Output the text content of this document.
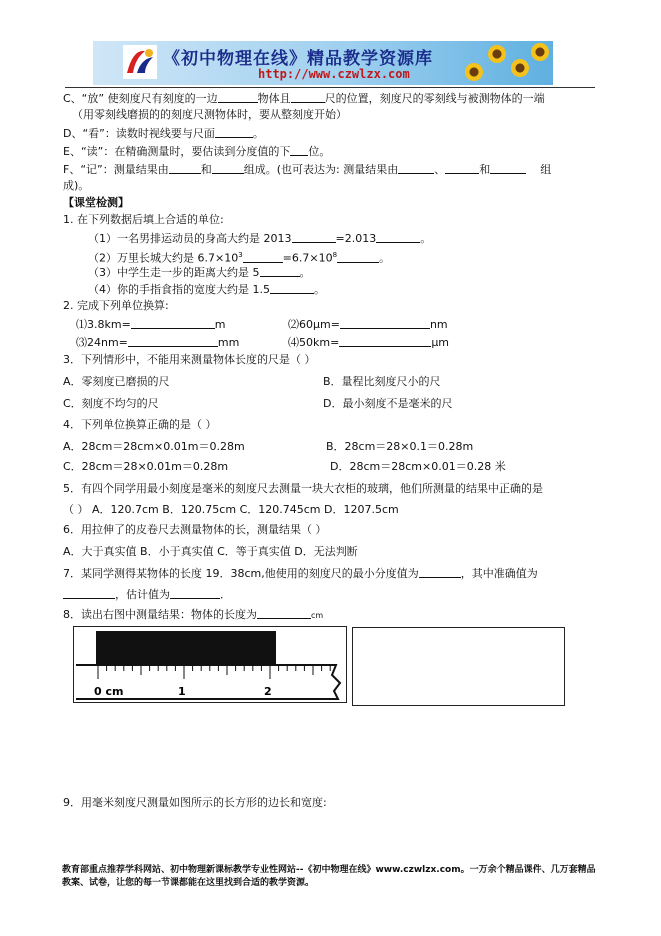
《初中物理在线》精品教学资源库
http://www.czwlzx.com
C、“放” 使刻度尺有刻度的一边	物体且	尺的位置，刻度尺的零刻线与被测物体的一端
（用零刻线磨损的的刻度尺测物体时，要从整刻度开始）
D、“看”：读数时视线要与尺面	。
E、“读”：在精确测量时，要估读到分度值的下 位。
F、“记”：测量结果由	和	组成。(也可表达为: 测量结果由	、	和	组
成)。
【课堂检测】
1. 在下列数据后填上合适的单位:
（1）一名男排运动员的身高大约是 2013	=2.013	。
（2）万里长城大约是 $6.7\times 10^3$	$=6.7\times 10^8$	。
（3）中学生走一步的距离大约是 5	。
（4）你的手指食指的宽度大约是 1.5	。
2. 完成下列单位换算:
⑴3.8km=	m	⑵60μm=	nm
⑶24nm=	mm	⑷50km=	μm
3．下列情形中，不能用来测量物体长度的尺是（ ）
A．零刻度已磨损的尺	B．量程比刻度尺小的尺
C．刻度不均匀的尺	D．最小刻度不是毫米的尺
4．下列单位换算正确的是（ ）
A．28cm＝28cm×0.01m＝0.28m	B．28cm＝28×0.1＝0.28m
C．28cm＝28×0.01m＝0.28m	D．28cm＝28cm×0.01＝0.28 米
5．有四个同学用最小刻度是毫米的刻度尺去测量一块大衣柜的玻璃，他们所测量的结果中正确的是
（ ） A．120.7cm B．120.75cm C．120.745cm D．1207.5cm
6．用拉伸了的皮卷尺去测量物体的长，测量结果（ ）
A．大于真实值 B．小于真实值 C．等于真实值 D．无法判断
7．某同学测得某物体的长度 19．38cm,他使用的刻度尺的最小分度值为	，其中准确值为
，估计值为	．
8．读出右图中测量结果：物体的长度为	cm
0 cm	1	2
9．用毫米刻度尺测量如图所示的长方形的边长和宽度:
教育部重点推荐学科网站、初中物理新课标教学专业性网站--《初中物理在线》www.czwlzx.com。一万余个精品课件、几万套精品教案、试卷，让您的每一节课都能在这里找到合适的教学资源。
